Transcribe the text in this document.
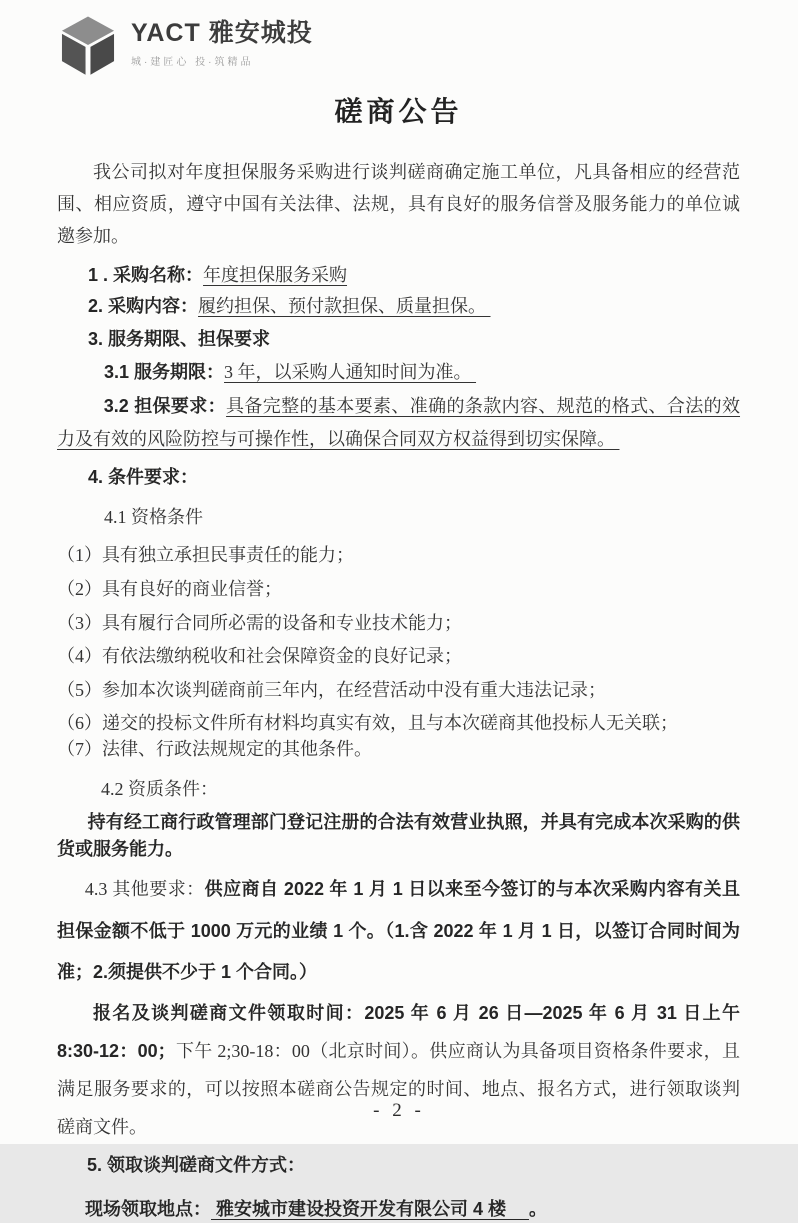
YACT 雅安城投
城·建匠心 投·筑精品
磋商公告

我公司拟对年度担保服务采购进行谈判磋商确定施工单位，凡具备相应的经营范围、相应资质，遵守中国有关法律、法规，具有良好的服务信誉及服务能力的单位诚邀参加。

1 . 采购名称：年度担保服务采购

2. 采购内容：履约担保、预付款担保、质量担保。

3. 服务期限、担保要求

3.1 服务期限：3 年，以采购人通知时间为准。

3.2 担保要求：具备完整的基本要素、准确的条款内容、规范的格式、合法的效力及有效的风险防控与可操作性，以确保合同双方权益得到切实保障。

4. 条件要求：

4.1 资格条件

（1）具有独立承担民事责任的能力；

（2）具有良好的商业信誉；

（3）具有履行合同所必需的设备和专业技术能力；

（4）有依法缴纳税收和社会保障资金的良好记录；

（5）参加本次谈判磋商前三年内，在经营活动中没有重大违法记录；

（6）递交的投标文件所有材料均真实有效，且与本次磋商其他投标人无关联；

（7）法律、行政法规规定的其他条件。

4.2 资质条件：

持有经工商行政管理部门登记注册的合法有效营业执照，并具有完成本次采购的供货或服务能力。

4.3 其他要求：供应商自 2022 年 1 月 1 日以来至今签订的与本次采购内容有关且担保金额不低于 1000 万元的业绩 1 个。（1.含 2022 年 1 月 1 日，以签订合同时间为准；2.须提供不少于 1 个合同。）

报名及谈判磋商文件领取时间：2025 年 6 月 26 日—2025 年 6 月 31 日上午 8:30-12：00；下午 2;30-18：00（北京时间）。供应商认为具备项目资格条件要求，且满足服务要求的，可以按照本磋商公告规定的时间、地点、报名方式，进行领取谈判磋商文件。

5. 领取谈判磋商文件方式：

现场领取地点： 雅安城市建设投资开发有限公司 4 楼　 。

- 2 -
